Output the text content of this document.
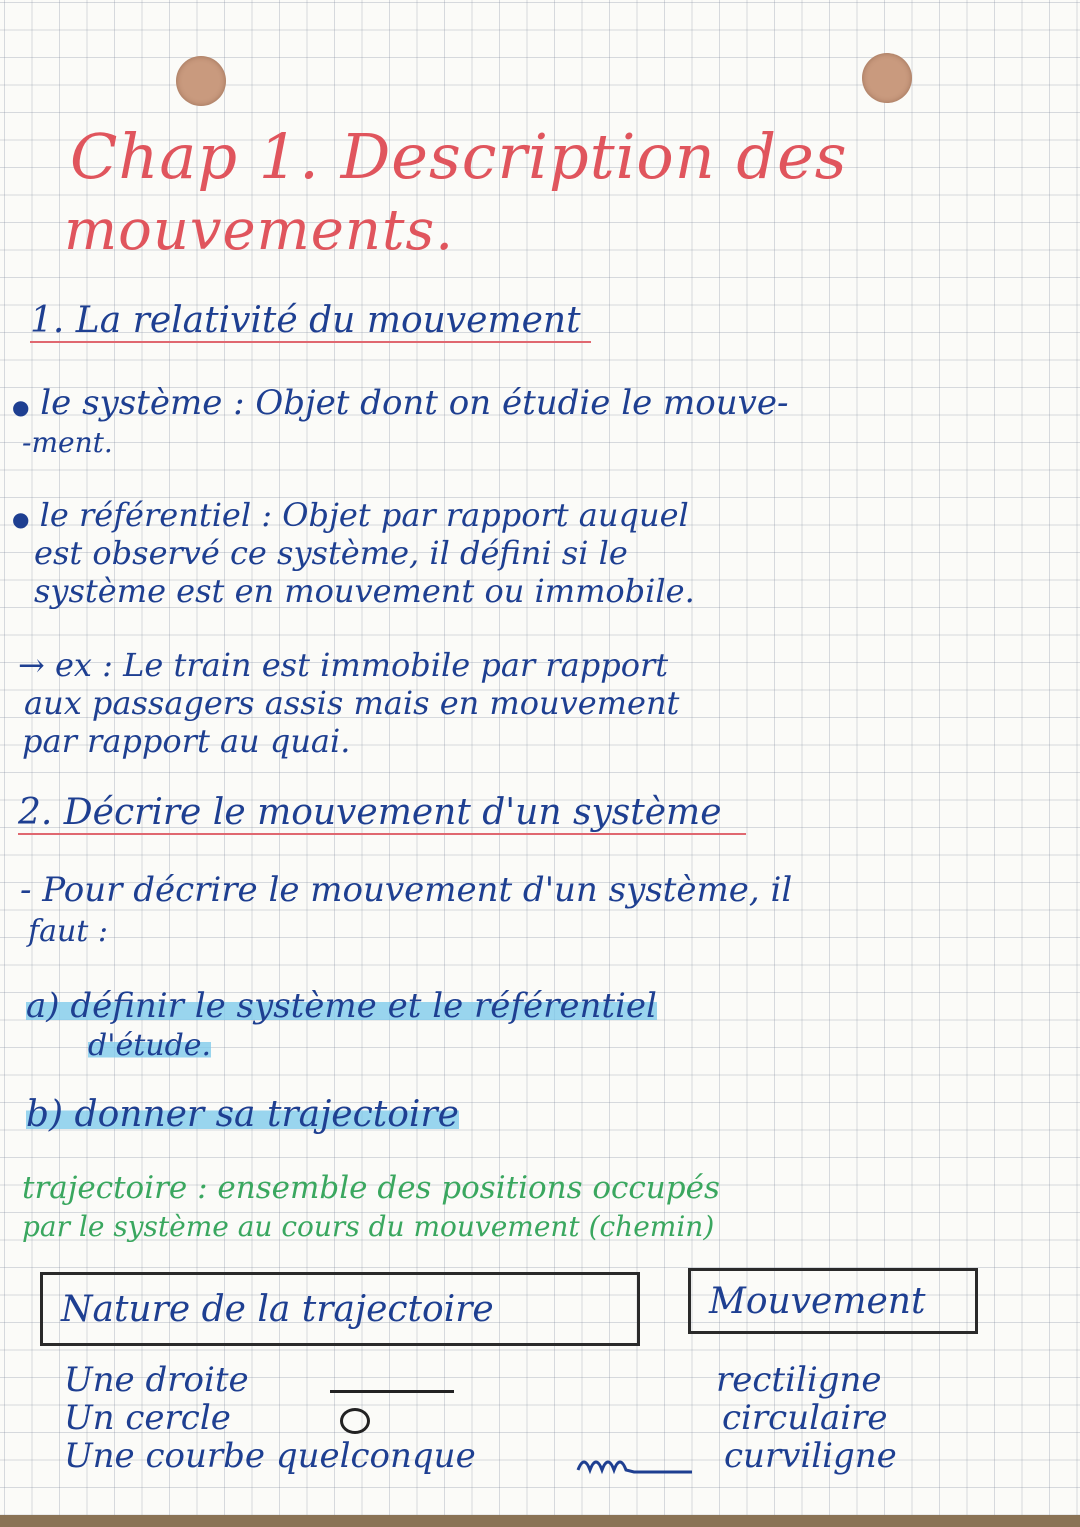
Chap 1. Description des

mouvements.

1. La relativité du mouvement

● le système : Objet dont on étudie le mouve-

-ment.

● le référentiel : Objet par rapport auquel

est observé ce système, il défini si le

système est en mouvement ou immobile.

→ ex : Le train est immobile par rapport

aux passagers assis mais en mouvement

par rapport au quai.

2. Décrire le mouvement d'un système

- Pour décrire le mouvement d'un système, il

faut :

a) définir le système et le référentiel

d'étude.

b) donner sa trajectoire

trajectoire : ensemble des positions occupés

par le système au cours du mouvement (chemin)

Nature de la trajectoire	Mouvement

Une droite	rectiligne

Un cercle	circulaire

Une courbe quelconque	curviligne
